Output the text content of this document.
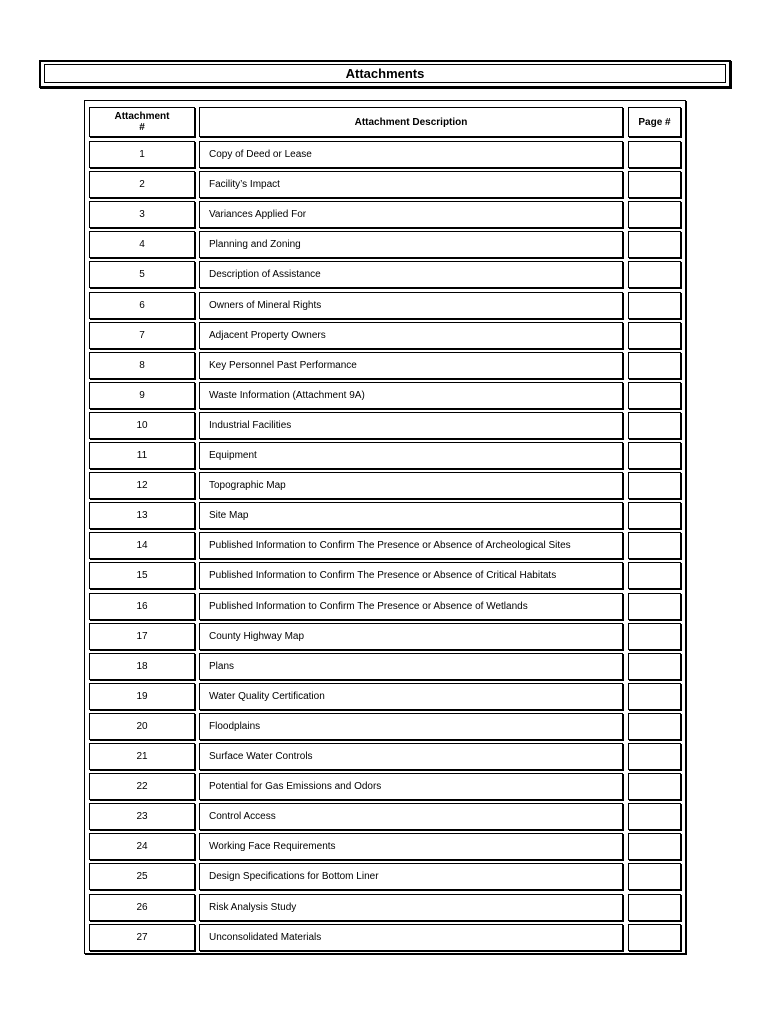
Attachments
Attachment
#	Attachment Description	Page #
1	Copy of Deed or Lease
2	Facility’s Impact
3	Variances Applied For
4	Planning and Zoning
5	Description of Assistance
6	Owners of Mineral Rights
7	Adjacent Property Owners
8	Key Personnel Past Performance
9	Waste Information (Attachment 9A)
10	Industrial Facilities
11	Equipment
12	Topographic Map
13	Site Map
14	Published Information to Confirm The Presence or Absence of Archeological Sites
15	Published Information to Confirm The Presence or Absence of Critical Habitats
16	Published Information to Confirm The Presence or Absence of Wetlands
17	County Highway Map
18	Plans
19	Water Quality Certification
20	Floodplains
21	Surface Water Controls
22	Potential for Gas Emissions and Odors
23	Control Access
24	Working Face Requirements
25	Design Specifications for Bottom Liner
26	Risk Analysis Study
27	Unconsolidated Materials
